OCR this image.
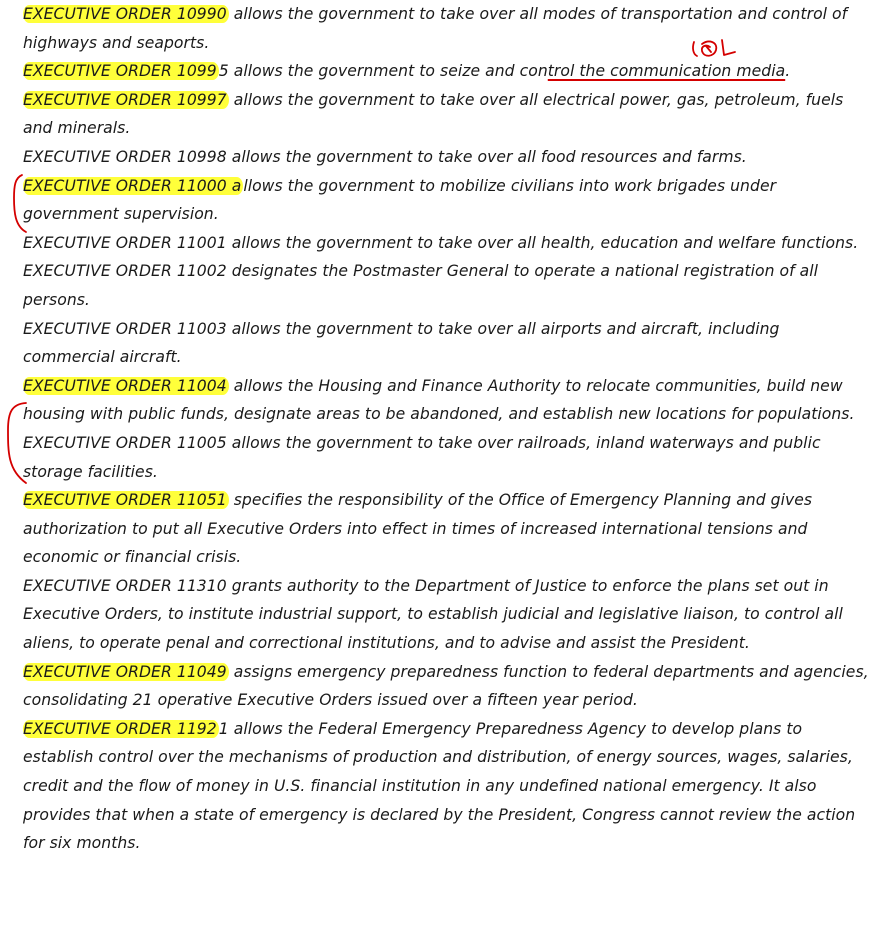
EXECUTIVE ORDER 10990 allows the government to take over all modes of transportation and control of highways and seaports.
EXECUTIVE ORDER 1099 5 allows the government to seize and control the communication media.
EXECUTIVE ORDER 10997 allows the government to take over all electrical power, gas, petroleum, fuels and minerals.
EXECUTIVE ORDER 10998 allows the government to take over all food resources and farms.
EXECUTIVE ORDER 11000 a llows the government to mobilize civilians into work brigades under government supervision.
EXECUTIVE ORDER 11001 allows the government to take over all health, education and welfare functions.
EXECUTIVE ORDER 11002 designates the Postmaster General to operate a national registration of all persons.
EXECUTIVE ORDER 11003 allows the government to take over all airports and aircraft, including commercial aircraft.
EXECUTIVE ORDER 11004 allows the Housing and Finance Authority to relocate communities, build new housing with public funds, designate areas to be abandoned, and establish new locations for populations.
EXECUTIVE ORDER 11005 allows the government to take over railroads, inland waterways and public storage facilities.
EXECUTIVE ORDER 11051 specifies the responsibility of the Office of Emergency Planning and gives authorization to put all Executive Orders into effect in times of increased international tensions and economic or financial crisis.
EXECUTIVE ORDER 11310 grants authority to the Department of Justice to enforce the plans set out in Executive Orders, to institute industrial support, to establish judicial and legislative liaison, to control all aliens, to operate penal and correctional institutions, and to advise and assist the President.
EXECUTIVE ORDER 11049 assigns emergency preparedness function to federal departments and agencies, consolidating 21 operative Executive Orders issued over a fifteen year period.
EXECUTIVE ORDER 1192 1 allows the Federal Emergency Preparedness Agency to develop plans to establish control over the mechanisms of production and distribution, of energy sources, wages, salaries, credit and the flow of money in U.S. financial institution in any undefined national emergency. It also provides that when a state of emergency is declared by the President, Congress cannot review the action for six months.
